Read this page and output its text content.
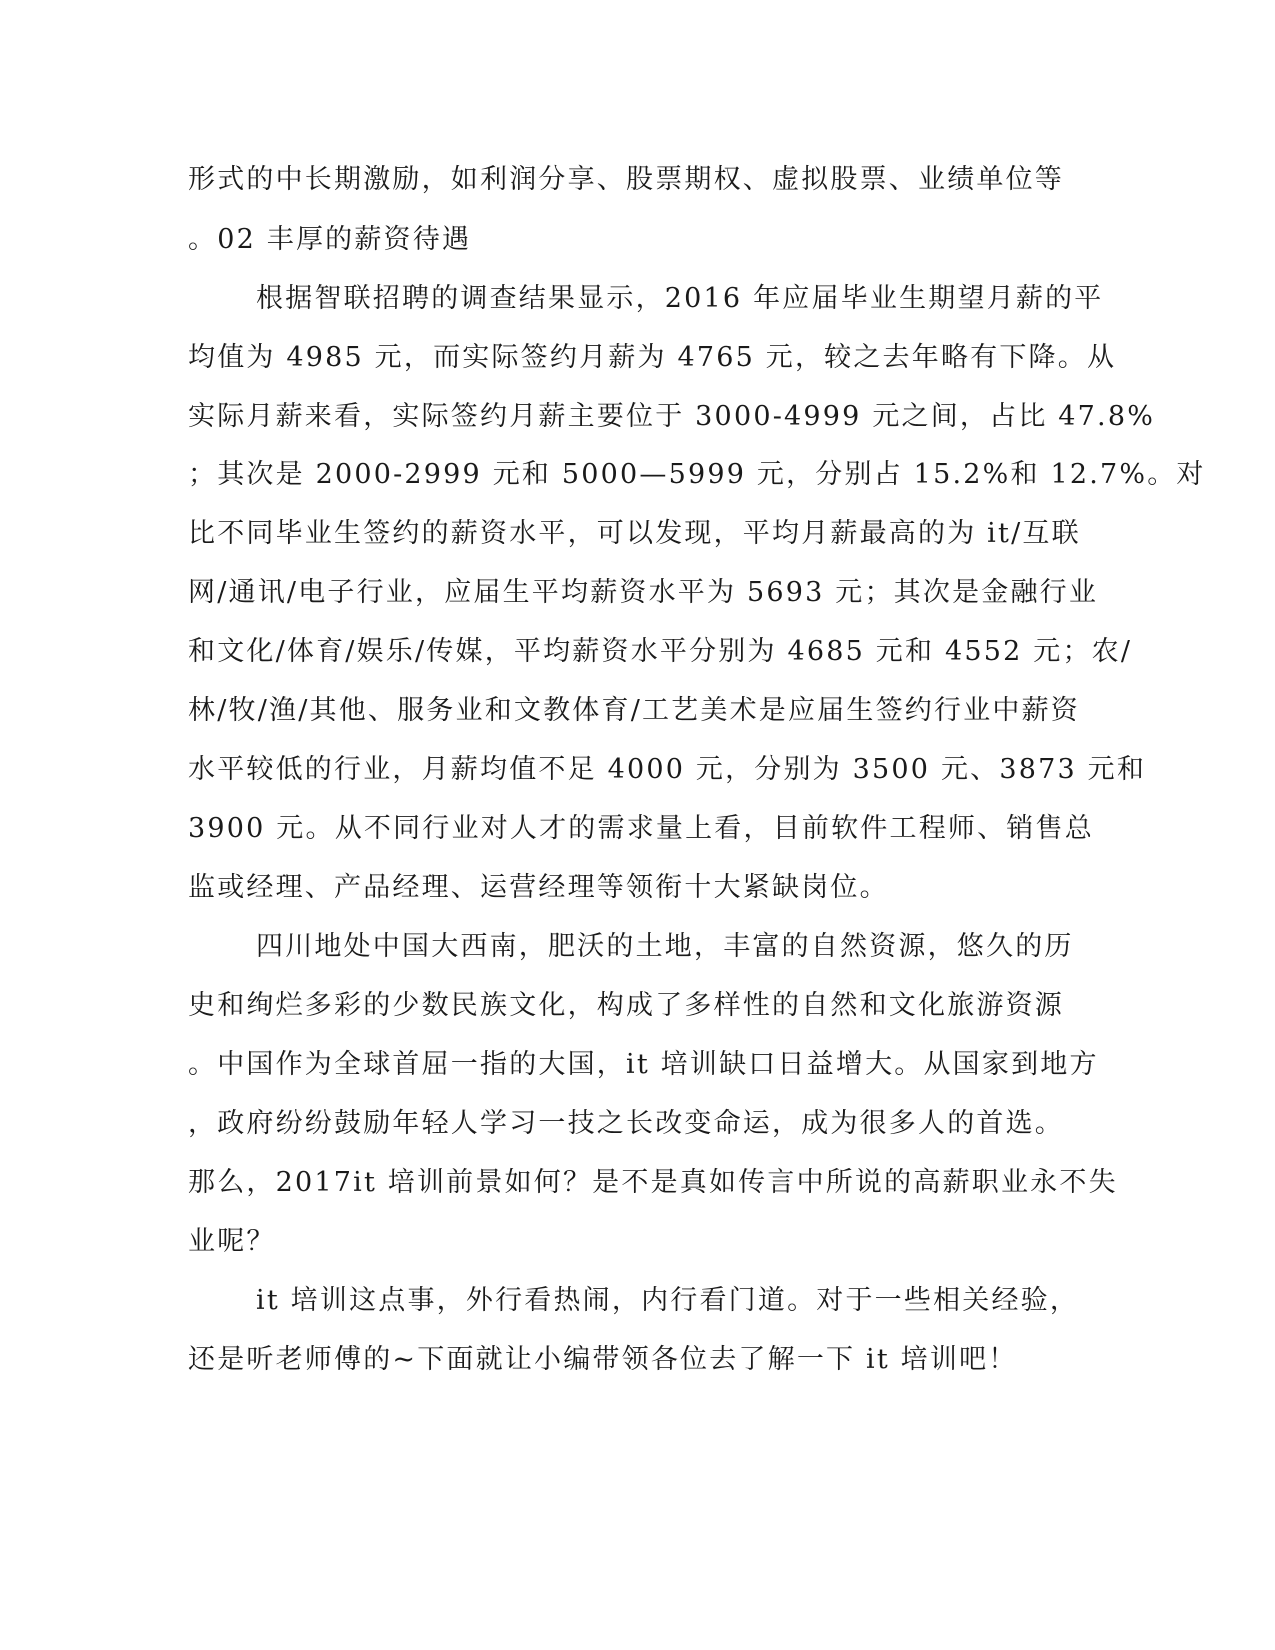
形式的中长期激励，如利润分享、股票期权、虚拟股票、业绩单位等
。02 丰厚的薪资待遇
根据智联招聘的调查结果显示，2016 年应届毕业生期望月薪的平
均值为 4985 元，而实际签约月薪为 4765 元，较之去年略有下降。从
实际月薪来看，实际签约月薪主要位于 3000-4999 元之间，占比 47.8%
；其次是 2000-2999 元和 5000—5999 元，分别占 15.2%和 12.7%。对
比不同毕业生签约的薪资水平，可以发现，平均月薪最高的为 it/互联
网/通讯/电子行业，应届生平均薪资水平为 5693 元；其次是金融行业
和文化/体育/娱乐/传媒，平均薪资水平分别为 4685 元和 4552 元；农/
林/牧/渔/其他、服务业和文教体育/工艺美术是应届生签约行业中薪资
水平较低的行业，月薪均值不足 4000 元，分别为 3500 元、3873 元和
3900 元。从不同行业对人才的需求量上看，目前软件工程师、销售总
监或经理、产品经理、运营经理等领衔十大紧缺岗位。
四川地处中国大西南，肥沃的土地，丰富的自然资源，悠久的历
史和绚烂多彩的少数民族文化，构成了多样性的自然和文化旅游资源
。中国作为全球首屈一指的大国，it 培训缺口日益增大。从国家到地方
，政府纷纷鼓励年轻人学习一技之长改变命运，成为很多人的首选。
那么，2017it 培训前景如何？是不是真如传言中所说的高薪职业永不失
业呢？
it 培训这点事，外行看热闹，内行看门道。对于一些相关经验，
还是听老师傅的~下面就让小编带领各位去了解一下 it 培训吧！
